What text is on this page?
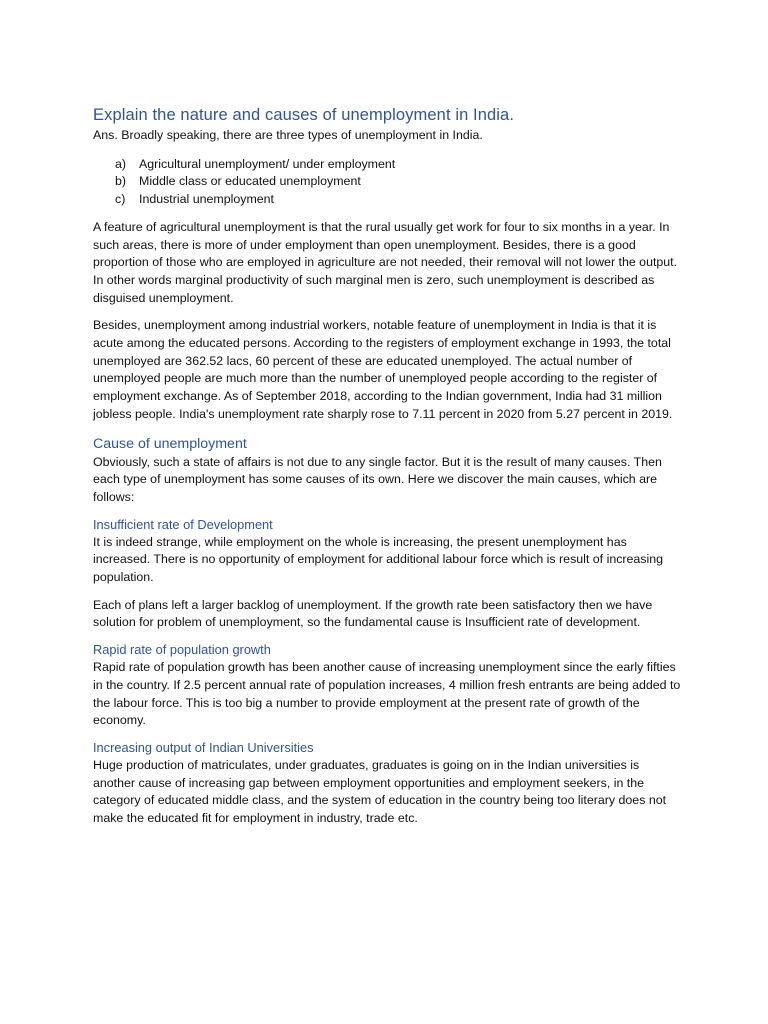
Explain the nature and causes of unemployment in India.

Ans. Broadly speaking, there are three types of unemployment in India.

a)	Agricultural unemployment/ under employment
b)	Middle class or educated unemployment
c)	Industrial unemployment

A feature of agricultural unemployment is that the rural usually get work for four to six months in a year. In such areas, there is more of under employment than open unemployment. Besides, there is a good proportion of those who are employed in agriculture are not needed, their removal will not lower the output. In other words marginal productivity of such marginal men is zero, such unemployment is described as disguised unemployment.

Besides, unemployment among industrial workers, notable feature of unemployment in India is that it is acute among the educated persons. According to the registers of employment exchange in 1993, the total unemployed are 362.52 lacs, 60 percent of these are educated unemployed. The actual number of unemployed people are much more than the number of unemployed people according to the register of employment exchange. As of September 2018, according to the Indian government, India had 31 million jobless people. India's unemployment rate sharply rose to 7.11 percent in 2020 from 5.27 percent in 2019.

Cause of unemployment

Obviously, such a state of affairs is not due to any single factor. But it is the result of many causes. Then each type of unemployment has some causes of its own. Here we discover the main causes, which are follows:

Insufficient rate of Development

It is indeed strange, while employment on the whole is increasing, the present unemployment has increased. There is no opportunity of employment for additional labour force which is result of increasing population.

Each of plans left a larger backlog of unemployment. If the growth rate been satisfactory then we have solution for problem of unemployment, so the fundamental cause is Insufficient rate of development.

Rapid rate of population growth

Rapid rate of population growth has been another cause of increasing unemployment since the early fifties in the country. If 2.5 percent annual rate of population increases, 4 million fresh entrants are being added to the labour force. This is too big a number to provide employment at the present rate of growth of the economy.

Increasing output of Indian Universities

Huge production of matriculates, under graduates, graduates is going on in the Indian universities is another cause of increasing gap between employment opportunities and employment seekers, in the category of educated middle class, and the system of education in the country being too literary does not make the educated fit for employment in industry, trade etc.
